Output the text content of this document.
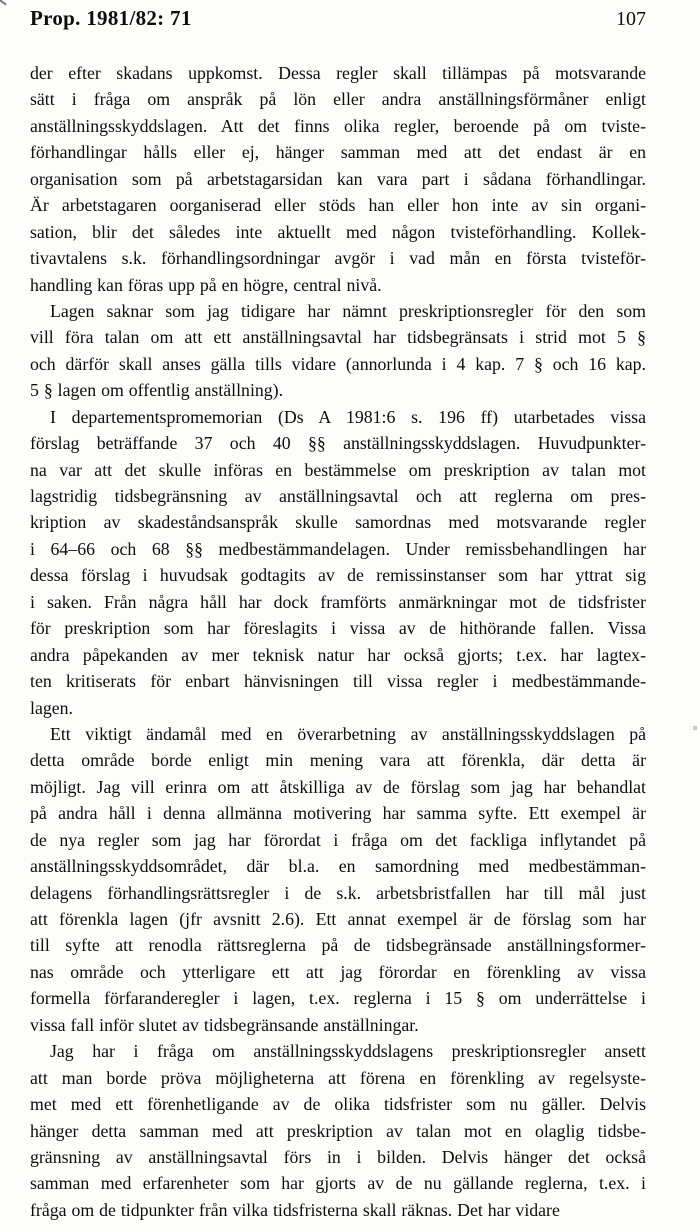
Prop. 1981/82: 71	107
der efter skadans uppkomst. Dessa regler skall tillämpas på motsvarande
sätt i fråga om anspråk på lön eller andra anställningsförmåner enligt
anställningsskyddslagen. Att det finns olika regler, beroende på om tviste-
förhandlingar hålls eller ej, hänger samman med att det endast är en
organisation som på arbetstagarsidan kan vara part i sådana förhandlingar.
Är arbetstagaren oorganiserad eller stöds han eller hon inte av sin organi-
sation, blir det således inte aktuellt med någon tvisteförhandling. Kollek-
tivavtalens s.k. förhandlingsordningar avgör i vad mån en första tvisteför-
handling kan föras upp på en högre, central nivå.
Lagen saknar som jag tidigare har nämnt preskriptionsregler för den som
vill föra talan om att ett anställningsavtal har tidsbegränsats i strid mot 5 §
och därför skall anses gälla tills vidare (annorlunda i 4 kap. 7 § och 16 kap.
5 § lagen om offentlig anställning).
I departementspromemorian (Ds A 1981:6 s. 196 ff) utarbetades vissa
förslag beträffande 37 och 40 §§ anställningsskyddslagen. Huvudpunkter-
na var att det skulle införas en bestämmelse om preskription av talan mot
lagstridig tidsbegränsning av anställningsavtal och att reglerna om pres-
kription av skadeståndsanspråk skulle samordnas med motsvarande regler
i 64–66 och 68 §§ medbestämmandelagen. Under remissbehandlingen har
dessa förslag i huvudsak godtagits av de remissinstanser som har yttrat sig
i saken. Från några håll har dock framförts anmärkningar mot de tidsfrister
för preskription som har föreslagits i vissa av de hithörande fallen. Vissa
andra påpekanden av mer teknisk natur har också gjorts; t.ex. har lagtex-
ten kritiserats för enbart hänvisningen till vissa regler i medbestämmande-
lagen.
Ett viktigt ändamål med en överarbetning av anställningsskyddslagen på
detta område borde enligt min mening vara att förenkla, där detta är
möjligt. Jag vill erinra om att åtskilliga av de förslag som jag har behandlat
på andra håll i denna allmänna motivering har samma syfte. Ett exempel är
de nya regler som jag har förordat i fråga om det fackliga inflytandet på
anställningsskyddsområdet, där bl.a. en samordning med medbestämman-
delagens förhandlingsrättsregler i de s.k. arbetsbristfallen har till mål just
att förenkla lagen (jfr avsnitt 2.6). Ett annat exempel är de förslag som har
till syfte att renodla rättsreglerna på de tidsbegränsade anställningsformer-
nas område och ytterligare ett att jag förordar en förenkling av vissa
formella förfaranderegler i lagen, t.ex. reglerna i 15 § om underrättelse i
vissa fall inför slutet av tidsbegränsande anställningar.
Jag har i fråga om anställningsskyddslagens preskriptionsregler ansett
att man borde pröva möjligheterna att förena en förenkling av regelsyste-
met med ett förenhetligande av de olika tidsfrister som nu gäller. Delvis
hänger detta samman med att preskription av talan mot en olaglig tidsbe-
gränsning av anställningsavtal förs in i bilden. Delvis hänger det också
samman med erfarenheter som har gjorts av de nu gällande reglerna, t.ex. i
fråga om de tidpunkter från vilka tidsfristerna skall räknas. Det har vidare
